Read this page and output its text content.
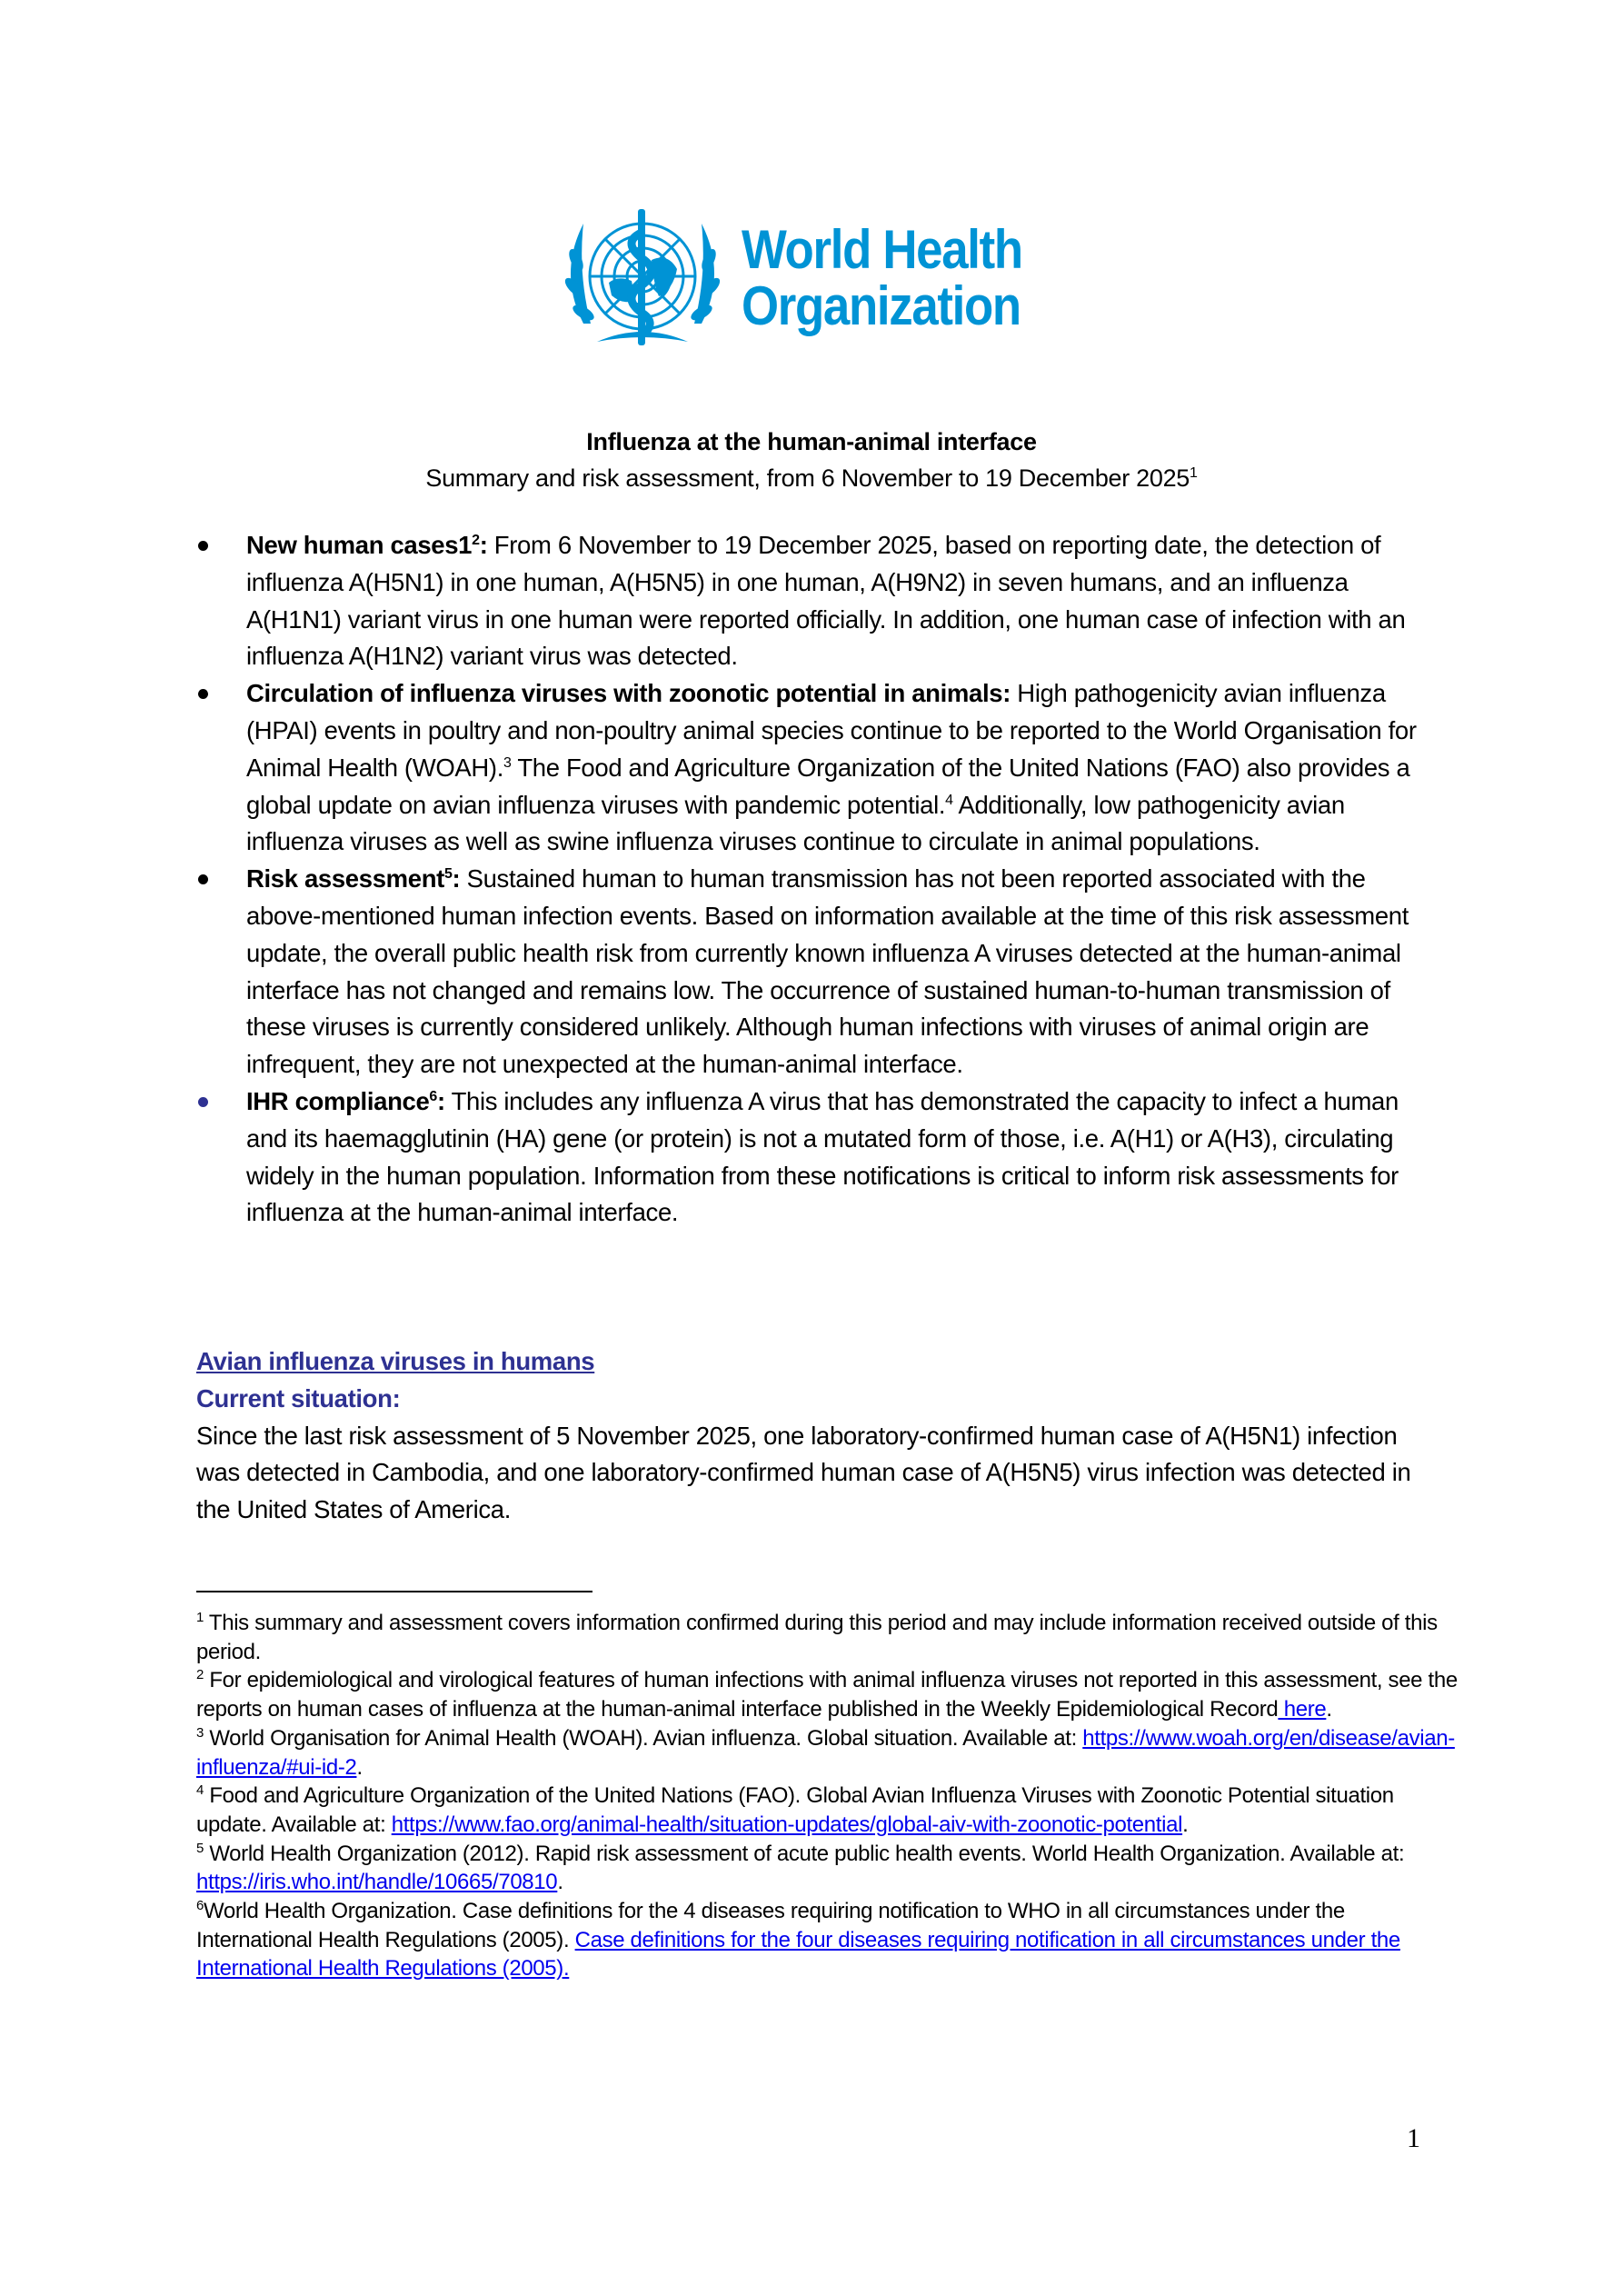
World Health
Organization
Influenza at the human-animal interface
Summary and risk assessment, from 6 November to 19 December 2025$^1$
New human $cases1^2$: From 6 November to 19 December 2025, based on reporting date, the detection of influenza A(H5N1) in one human, A(H5N5) in one human, A(H9N2) in seven humans, and an influenza A(H1N1) variant virus in one human were reported officially. In addition, one human case of infection with an influenza A(H1N2) variant virus was detected.
Circulation of influenza viruses with zoonotic potential in animals: High pathogenicity avian influenza (HPAI) events in poultry and non-poultry animal species continue to be reported to the World Organisation for Animal Health (WOAH).$^3$ The Food and Agriculture Organization of the United Nations (FAO) also provides a global update on avian influenza viruses with pandemic potential.$^4$ Additionally, low pathogenicity avian influenza viruses as well as swine influenza viruses continue to circulate in animal populations.
Risk assessment$^5$: Sustained human to human transmission has not been reported associated with the above-mentioned human infection events. Based on information available at the time of this risk assessment update, the overall public health risk from currently known influenza A viruses detected at the human-animal interface has not changed and remains low. The occurrence of sustained human-to-human transmission of these viruses is currently considered unlikely. Although human infections with viruses of animal origin are infrequent, they are not unexpected at the human-animal interface.
IHR compliance$^6$: This includes any influenza A virus that has demonstrated the capacity to infect a human and its haemagglutinin (HA) gene (or protein) is not a mutated form of those, i.e. A(H1) or A(H3), circulating widely in the human population. Information from these notifications is critical to inform risk assessments for influenza at the human-animal interface.
Avian influenza viruses in humans
Current situation:
Since the last risk assessment of 5 November 2025, one laboratory-confirmed human case of A(H5N1) infection was detected in Cambodia, and one laboratory-confirmed human case of A(H5N5) virus infection was detected in the United States of America.
$^1$ This summary and assessment covers information confirmed during this period and may include information received outside of this period.
$^2$ For epidemiological and virological features of human infections with animal influenza viruses not reported in this assessment, see the reports on human cases of influenza at the human-animal interface published in the Weekly Epidemiological Record here.
$^3$ World Organisation for Animal Health (WOAH). Avian influenza. Global situation. Available at: https://www.woah.org/en/disease/avian-influenza/#ui-id-2.
$^4$ Food and Agriculture Organization of the United Nations (FAO). Global Avian Influenza Viruses with Zoonotic Potential situation update. Available at: https://www.fao.org/animal-health/situation-updates/global-aiv-with-zoonotic-potential.
$^5$ World Health Organization (2012). Rapid risk assessment of acute public health events. World Health Organization. Available at: https://iris.who.int/handle/10665/70810.
$^6$World Health Organization. Case definitions for the 4 diseases requiring notification to WHO in all circumstances under the International Health Regulations (2005). Case definitions for the four diseases requiring notification in all circumstances under the International Health Regulations (2005).
1
